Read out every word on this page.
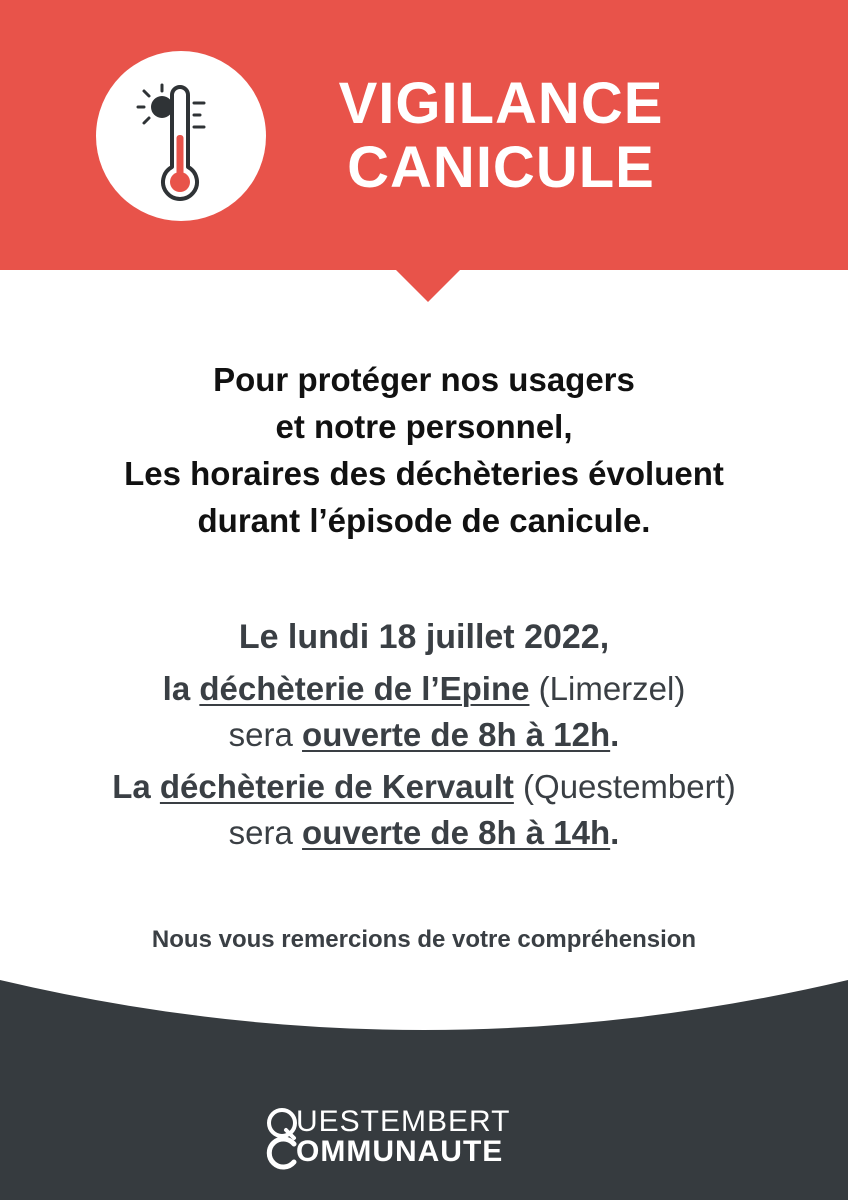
VIGILANCE
CANICULE
Pour protéger nos usagers
et notre personnel,
Les horaires des déchèteries évoluent
durant l’épisode de canicule.
Le lundi 18 juillet 2022,
la déchèterie de l’Epine (Limerzel)
sera ouverte de 8h à 12h.
La déchèterie de Kervault (Questembert)
sera ouverte de 8h à 14h.
Nous vous remercions de votre compréhension
UESTEMBERT
OMMUNAUTE
